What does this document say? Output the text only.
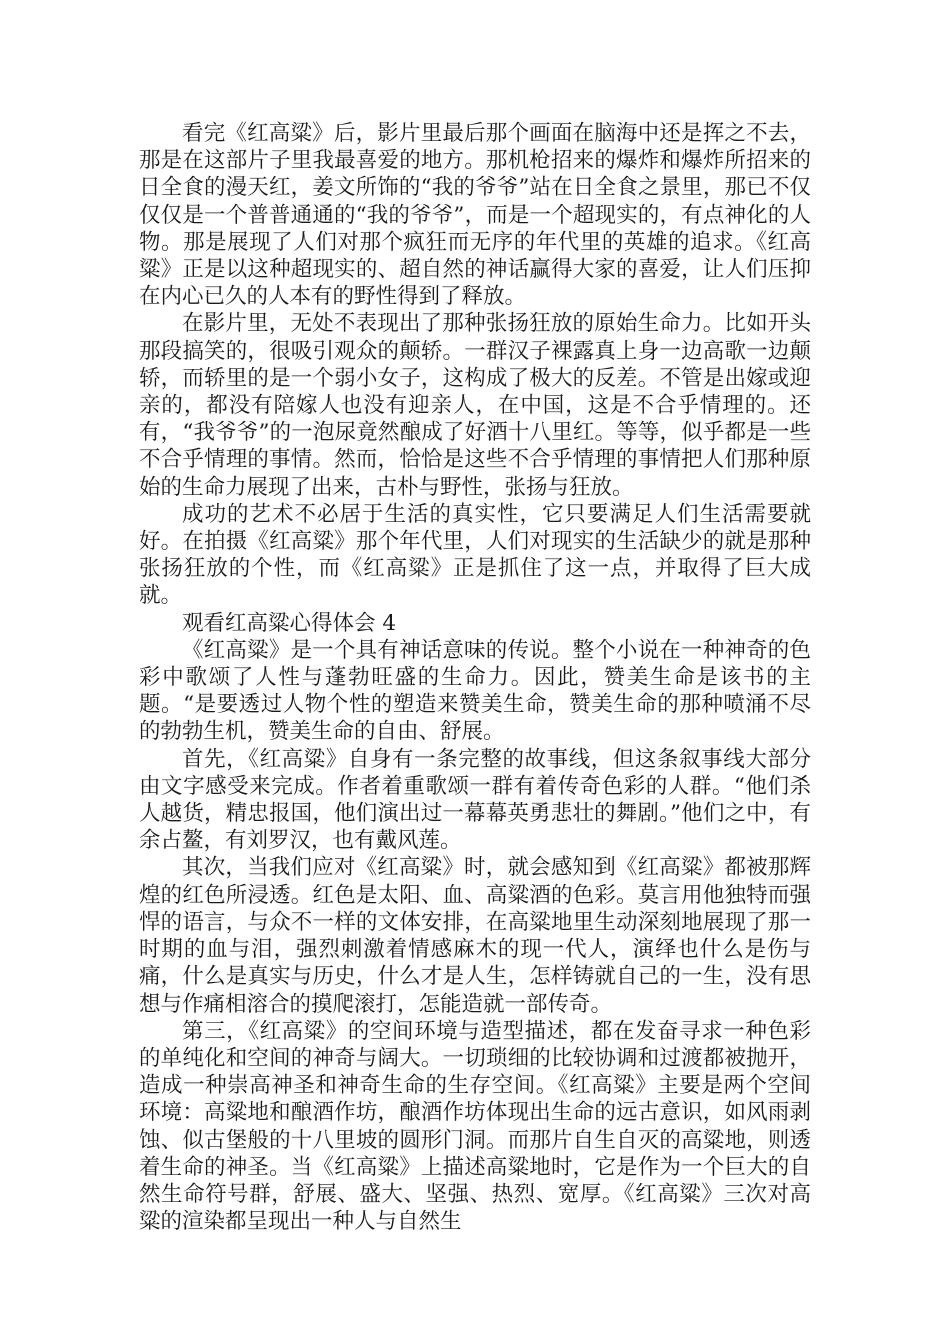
看完《红高粱》后，影片里最后那个画面在脑海中还是挥之不去，那是在这部片子里我最喜爱的地方。那机枪招来的爆炸和爆炸所招来的日全食的漫天红，姜文所饰的“我的爷爷”站在日全食之景里，那已不仅仅仅是一个普普通通的“我的爷爷”，而是一个超现实的，有点神化的人物。那是展现了人们对那个疯狂而无序的年代里的英雄的追求。《红高粱》正是以这种超现实的、超自然的神话赢得大家的喜爱，让人们压抑在内心已久的人本有的野性得到了释放。

在影片里，无处不表现出了那种张扬狂放的原始生命力。比如开头那段搞笑的，很吸引观众的颠轿。一群汉子裸露真上身一边高歌一边颠轿，而轿里的是一个弱小女子，这构成了极大的反差。不管是出嫁或迎亲的，都没有陪嫁人也没有迎亲人，在中国，这是不合乎情理的。还有，“我爷爷”的一泡尿竟然酿成了好酒十八里红。等等，似乎都是一些不合乎情理的事情。然而，恰恰是这些不合乎情理的事情把人们那种原始的生命力展现了出来，古朴与野性，张扬与狂放。

成功的艺术不必居于生活的真实性，它只要满足人们生活需要就好。在拍摄《红高粱》那个年代里，人们对现实的生活缺少的就是那种张扬狂放的个性，而《红高粱》正是抓住了这一点，并取得了巨大成就。

观看红高粱心得体会 4

《红高粱》是一个具有神话意味的传说。整个小说在一种神奇的色彩中歌颂了人性与蓬勃旺盛的生命力。因此，赞美生命是该书的主题。“是要透过人物个性的塑造来赞美生命，赞美生命的那种喷涌不尽的勃勃生机，赞美生命的自由、舒展。

首先，《红高粱》自身有一条完整的故事线，但这条叙事线大部分由文字感受来完成。作者着重歌颂一群有着传奇色彩的人群。“他们杀人越货，精忠报国，他们演出过一幕幕英勇悲壮的舞剧。”他们之中，有余占鳌，有刘罗汉，也有戴风莲。

其次，当我们应对《红高粱》时，就会感知到《红高粱》都被那辉煌的红色所浸透。红色是太阳、血、高粱酒的色彩。莫言用他独特而强悍的语言，与众不一样的文体安排，在高粱地里生动深刻地展现了那一时期的血与泪，强烈刺激着情感麻木的现一代人，演绎也什么是伤与痛，什么是真实与历史，什么才是人生，怎样铸就自己的一生，没有思想与作痛相溶合的摸爬滚打，怎能造就一部传奇。

第三，《红高粱》的空间环境与造型描述，都在发奋寻求一种色彩的单纯化和空间的神奇与阔大。一切琐细的比较协调和过渡都被抛开，造成一种崇高神圣和神奇生命的生存空间。《红高粱》主要是两个空间环境：高粱地和酿酒作坊，酿酒作坊体现出生命的远古意识，如风雨剥蚀、似古堡般的十八里坡的圆形门洞。而那片自生自灭的高粱地，则透着生命的神圣。当《红高粱》上描述高粱地时，它是作为一个巨大的自然生命符号群，舒展、盛大、坚强、热烈、宽厚。《红高粱》三次对高粱的渲染都呈现出一种人与自然生
